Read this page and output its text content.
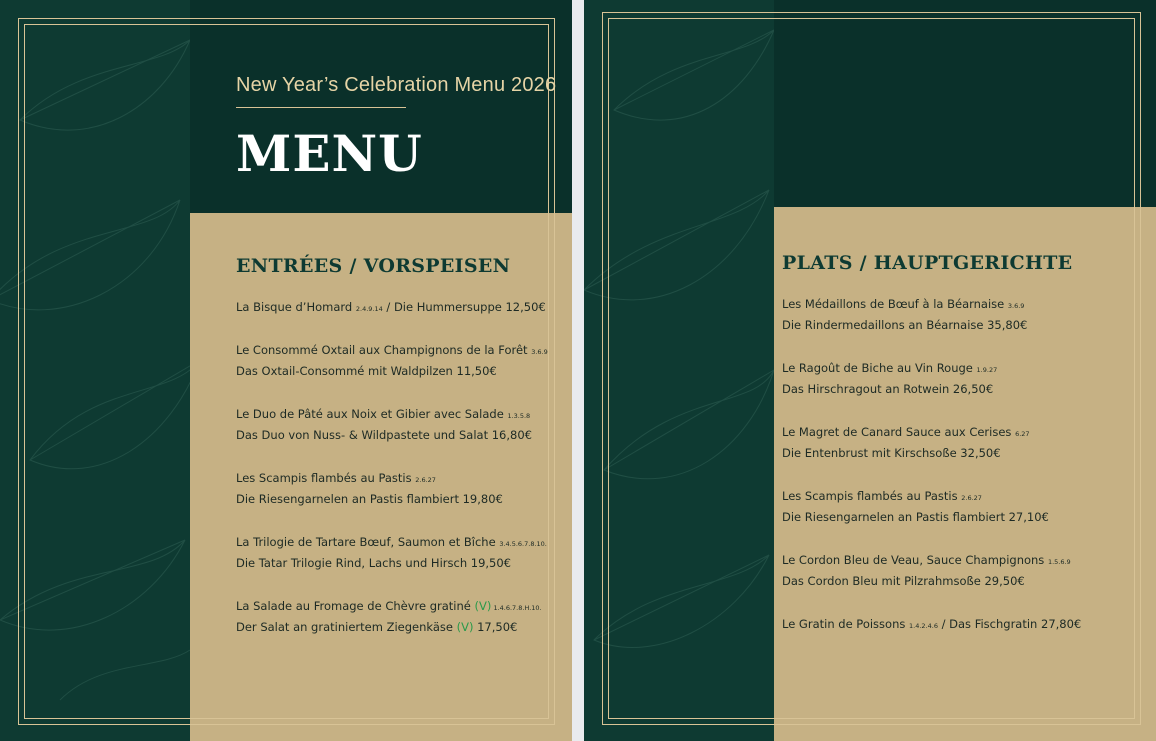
New Year’s Celebration Menu 2026
MENU
ENTRÉES / VORSPEISEN
La Bisque d’Homard 2.4.9.14 / Die Hummersuppe 12,50€
Le Consommé Oxtail aux Champignons de la Forêt 3.6.9
Das Oxtail-Consommé mit Waldpilzen 11,50€
Le Duo de Pâté aux Noix et Gibier avec Salade 1.3.5.8
Das Duo von Nuss- & Wildpastete und Salat 16,80€
Les Scampis flambés au Pastis 2.6.27
Die Riesengarnelen an Pastis flambiert 19,80€
La Trilogie de Tartare Bœuf, Saumon et Bîche 3.4.5.6.7.8.10.
Die Tatar Trilogie Rind, Lachs und Hirsch 19,50€
La Salade au Fromage de Chèvre gratiné (V) 1.4.6.7.8.H.10.
Der Salat an gratiniertem Ziegenkäse (V) 17,50€
PLATS / HAUPTGERICHTE
Les Médaillons de Bœuf à la Béarnaise 3.6.9
Die Rindermedaillons an Béarnaise 35,80€
Le Ragoût de Biche au Vin Rouge 1.9.27
Das Hirschragout an Rotwein 26,50€
Le Magret de Canard Sauce aux Cerises 6.27
Die Entenbrust mit Kirschsoße 32,50€
Les Scampis flambés au Pastis 2.6.27
Die Riesengarnelen an Pastis flambiert 27,10€
Le Cordon Bleu de Veau, Sauce Champignons 1.5.6.9
Das Cordon Bleu mit Pilzrahmsoße 29,50€
Le Gratin de Poissons 1.4.2.4.6 / Das Fischgratin 27,80€
